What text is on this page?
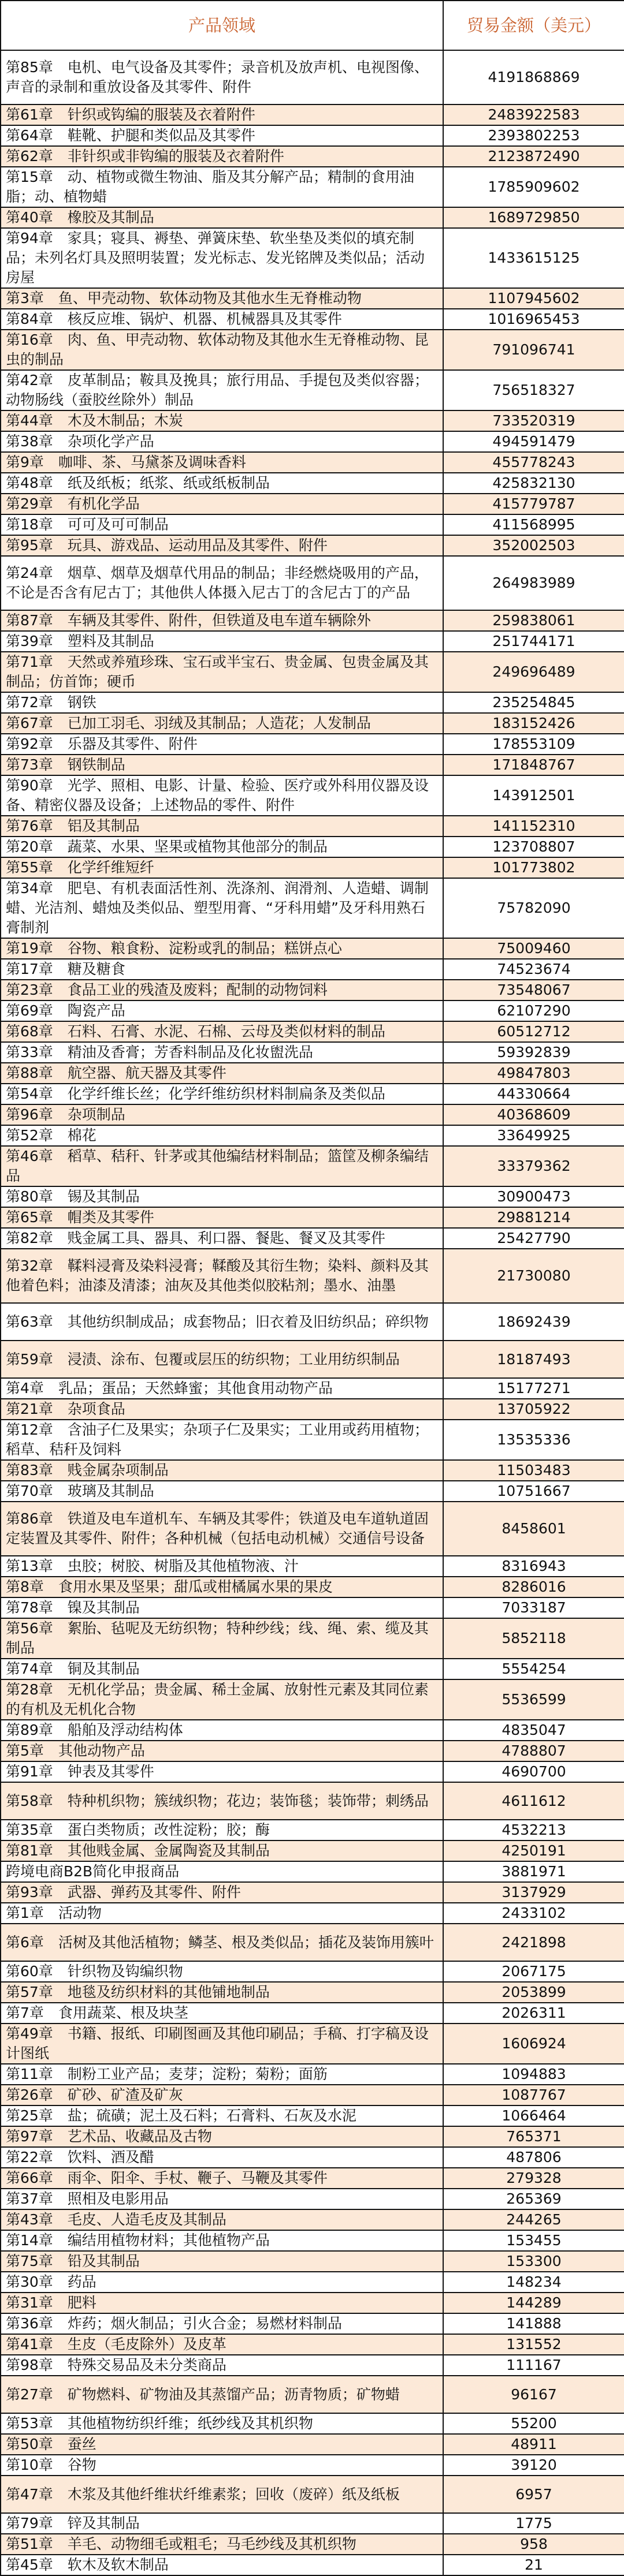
产品领域	贸易金额（美元）
第85章　电机、电气设备及其零件；录音机及放声机、电视图像、声音的录制和重放设备及其零件、附件	4191868869
第61章　针织或钩编的服装及衣着附件	2483922583
第64章　鞋靴、护腿和类似品及其零件	2393802253
第62章　非针织或非钩编的服装及衣着附件	2123872490
第15章　动、植物或微生物油、脂及其分解产品；精制的食用油脂；动、植物蜡	1785909602
第40章　橡胶及其制品	1689729850
第94章　家具；寝具、褥垫、弹簧床垫、软坐垫及类似的填充制品；未列名灯具及照明装置；发光标志、发光铭牌及类似品；活动房屋	1433615125
第3章　鱼、甲壳动物、软体动物及其他水生无脊椎动物	1107945602
第84章　核反应堆、锅炉、机器、机械器具及其零件	1016965453
第16章　肉、鱼、甲壳动物、软体动物及其他水生无脊椎动物、昆虫的制品	791096741
第42章　皮革制品；鞍具及挽具；旅行用品、手提包及类似容器；动物肠线（蚕胶丝除外）制品	756518327
第44章　木及木制品；木炭	733520319
第38章　杂项化学产品	494591479
第9章　咖啡、茶、马黛茶及调味香料	455778243
第48章　纸及纸板；纸浆、纸或纸板制品	425832130
第29章　有机化学品	415779787
第18章　可可及可可制品	411568995
第95章　玩具、游戏品、运动用品及其零件、附件	352002503
第24章　烟草、烟草及烟草代用品的制品；非经燃烧吸用的产品，不论是否含有尼古丁；其他供人体摄入尼古丁的含尼古丁的产品	264983989
第87章　车辆及其零件、附件，但铁道及电车道车辆除外	259838061
第39章　塑料及其制品	251744171
第71章　天然或养殖珍珠、宝石或半宝石、贵金属、包贵金属及其制品；仿首饰；硬币	249696489
第72章　钢铁	235254845
第67章　已加工羽毛、羽绒及其制品；人造花；人发制品	183152426
第92章　乐器及其零件、附件	178553109
第73章　钢铁制品	171848767
第90章　光学、照相、电影、计量、检验、医疗或外科用仪器及设备、精密仪器及设备；上述物品的零件、附件	143912501
第76章　铝及其制品	141152310
第20章　蔬菜、水果、坚果或植物其他部分的制品	123708807
第55章　化学纤维短纤	101773802
第34章　肥皂、有机表面活性剂、洗涤剂、润滑剂、人造蜡、调制蜡、光洁剂、蜡烛及类似品、塑型用膏、“牙科用蜡”及牙科用熟石膏制剂	75782090
第19章　谷物、粮食粉、淀粉或乳的制品；糕饼点心	75009460
第17章　糖及糖食	74523674
第23章　食品工业的残渣及废料；配制的动物饲料	73548067
第69章　陶瓷产品	62107290
第68章　石料、石膏、水泥、石棉、云母及类似材料的制品	60512712
第33章　精油及香膏；芳香料制品及化妆盥洗品	59392839
第88章　航空器、航天器及其零件	49847803
第54章　化学纤维长丝；化学纤维纺织材料制扁条及类似品	44330664
第96章　杂项制品	40368609
第52章　棉花	33649925
第46章　稻草、秸秆、针茅或其他编结材料制品；篮筐及柳条编结品	33379362
第80章　锡及其制品	30900473
第65章　帽类及其零件	29881214
第82章　贱金属工具、器具、利口器、餐匙、餐叉及其零件	25427790
第32章　鞣料浸膏及染料浸膏；鞣酸及其衍生物；染料、颜料及其他着色料；油漆及清漆；油灰及其他类似胶粘剂；墨水、油墨	21730080
第63章　其他纺织制成品；成套物品；旧衣着及旧纺织品；碎织物	18692439
第59章　浸渍、涂布、包覆或层压的纺织物；工业用纺织制品	18187493
第4章　乳品；蛋品；天然蜂蜜；其他食用动物产品	15177271
第21章　杂项食品	13705922
第12章　含油子仁及果实；杂项子仁及果实；工业用或药用植物；稻草、秸秆及饲料	13535336
第83章　贱金属杂项制品	11503483
第70章　玻璃及其制品	10751667
第86章　铁道及电车道机车、车辆及其零件；铁道及电车道轨道固定装置及其零件、附件；各种机械（包括电动机械）交通信号设备	8458601
第13章　虫胶；树胶、树脂及其他植物液、汁	8316943
第8章　食用水果及坚果；甜瓜或柑橘属水果的果皮	8286016
第78章　镍及其制品	7033187
第56章　絮胎、毡呢及无纺织物；特种纱线；线、绳、索、缆及其制品	5852118
第74章　铜及其制品	5554254
第28章　无机化学品；贵金属、稀土金属、放射性元素及其同位素的有机及无机化合物	5536599
第89章　船舶及浮动结构体	4835047
第5章　其他动物产品	4788807
第91章　钟表及其零件	4690700
第58章　特种机织物；簇绒织物；花边；装饰毯；装饰带；刺绣品	4611612
第35章　蛋白类物质；改性淀粉；胶；酶	4532213
第81章　其他贱金属、金属陶瓷及其制品	4250191
跨境电商B2B简化申报商品	3881971
第93章　武器、弹药及其零件、附件	3137929
第1章　活动物	2433102
第6章　活树及其他活植物；鳞茎、根及类似品；插花及装饰用簇叶	2421898
第60章　针织物及钩编织物	2067175
第57章　地毯及纺织材料的其他铺地制品	2053899
第7章　食用蔬菜、根及块茎	2026311
第49章　书籍、报纸、印刷图画及其他印刷品；手稿、打字稿及设计图纸	1606924
第11章　制粉工业产品；麦芽；淀粉；菊粉；面筋	1094883
第26章　矿砂、矿渣及矿灰	1087767
第25章　盐；硫磺；泥土及石料；石膏料、石灰及水泥	1066464
第97章　艺术品、收藏品及古物	765371
第22章　饮料、酒及醋	487806
第66章　雨伞、阳伞、手杖、鞭子、马鞭及其零件	279328
第37章　照相及电影用品	265369
第43章　毛皮、人造毛皮及其制品	244265
第14章　编结用植物材料；其他植物产品	153455
第75章　铅及其制品	153300
第30章　药品	148234
第31章　肥料	144289
第36章　炸药；烟火制品；引火合金；易燃材料制品	141888
第41章　生皮（毛皮除外）及皮革	131552
第98章　特殊交易品及未分类商品	111167
第27章　矿物燃料、矿物油及其蒸馏产品；沥青物质；矿物蜡	96167
第53章　其他植物纺织纤维；纸纱线及其机织物	55200
第50章　蚕丝	48911
第10章　谷物	39120
第47章　木浆及其他纤维状纤维素浆；回收（废碎）纸及纸板	6957
第79章　锌及其制品	1775
第51章　羊毛、动物细毛或粗毛；马毛纱线及其机织物	958
第45章　软木及软木制品	21
